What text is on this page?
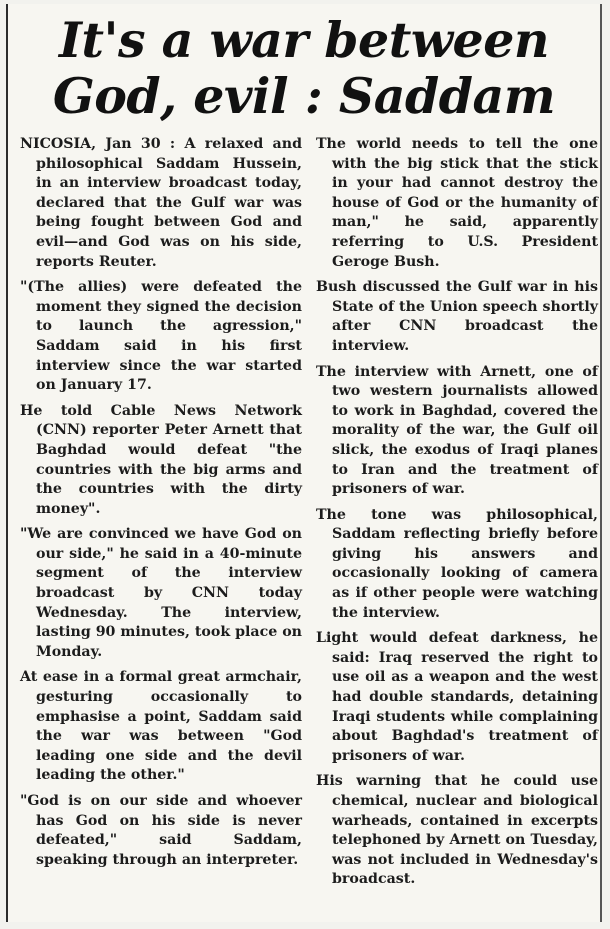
It's a war between
God, evil : Saddam

NICOSIA, Jan 30 : A relaxed and philosophical Saddam Hussein, in an interview broadcast today, declared that the Gulf war was being fought between God and evil—and God was on his side, reports Reuter.

"(The allies) were defeated the moment they signed the decision to launch the agression," Saddam said in his first interview since the war started on January 17.

He told Cable News Network (CNN) reporter Peter Arnett that Baghdad would defeat "the countries with the big arms and the countries with the dirty money".

"We are convinced we have God on our side," he said in a 40-minute segment of the interview broadcast by CNN today Wednesday. The interview, lasting 90 minutes, took place on Monday.

At ease in a formal great armchair, gesturing occasionally to emphasise a point, Saddam said the war was between "God leading one side and the devil leading the other."

"God is on our side and whoever has God on his side is never defeated," said Saddam, speaking through an interpreter.

The world needs to tell the one with the big stick that the stick in your had cannot destroy the house of God or the humanity of man," he said, apparently referring to U.S. President Geroge Bush.

Bush discussed the Gulf war in his State of the Union speech shortly after CNN broadcast the interview.

The interview with Arnett, one of two western journalists allowed to work in Baghdad, covered the morality of the war, the Gulf oil slick, the exodus of Iraqi planes to Iran and the treatment of prisoners of war.

The tone was philosophical, Saddam reflecting briefly before giving his answers and occasionally looking of camera as if other people were watching the interview.

Light would defeat darkness, he said: Iraq reserved the right to use oil as a weapon and the west had double standards, detaining Iraqi students while complaining about Baghdad's treatment of prisoners of war.

His warning that he could use chemical, nuclear and biological warheads, contained in excerpts telephoned by Arnett on Tuesday, was not included in Wednesday's broadcast.
